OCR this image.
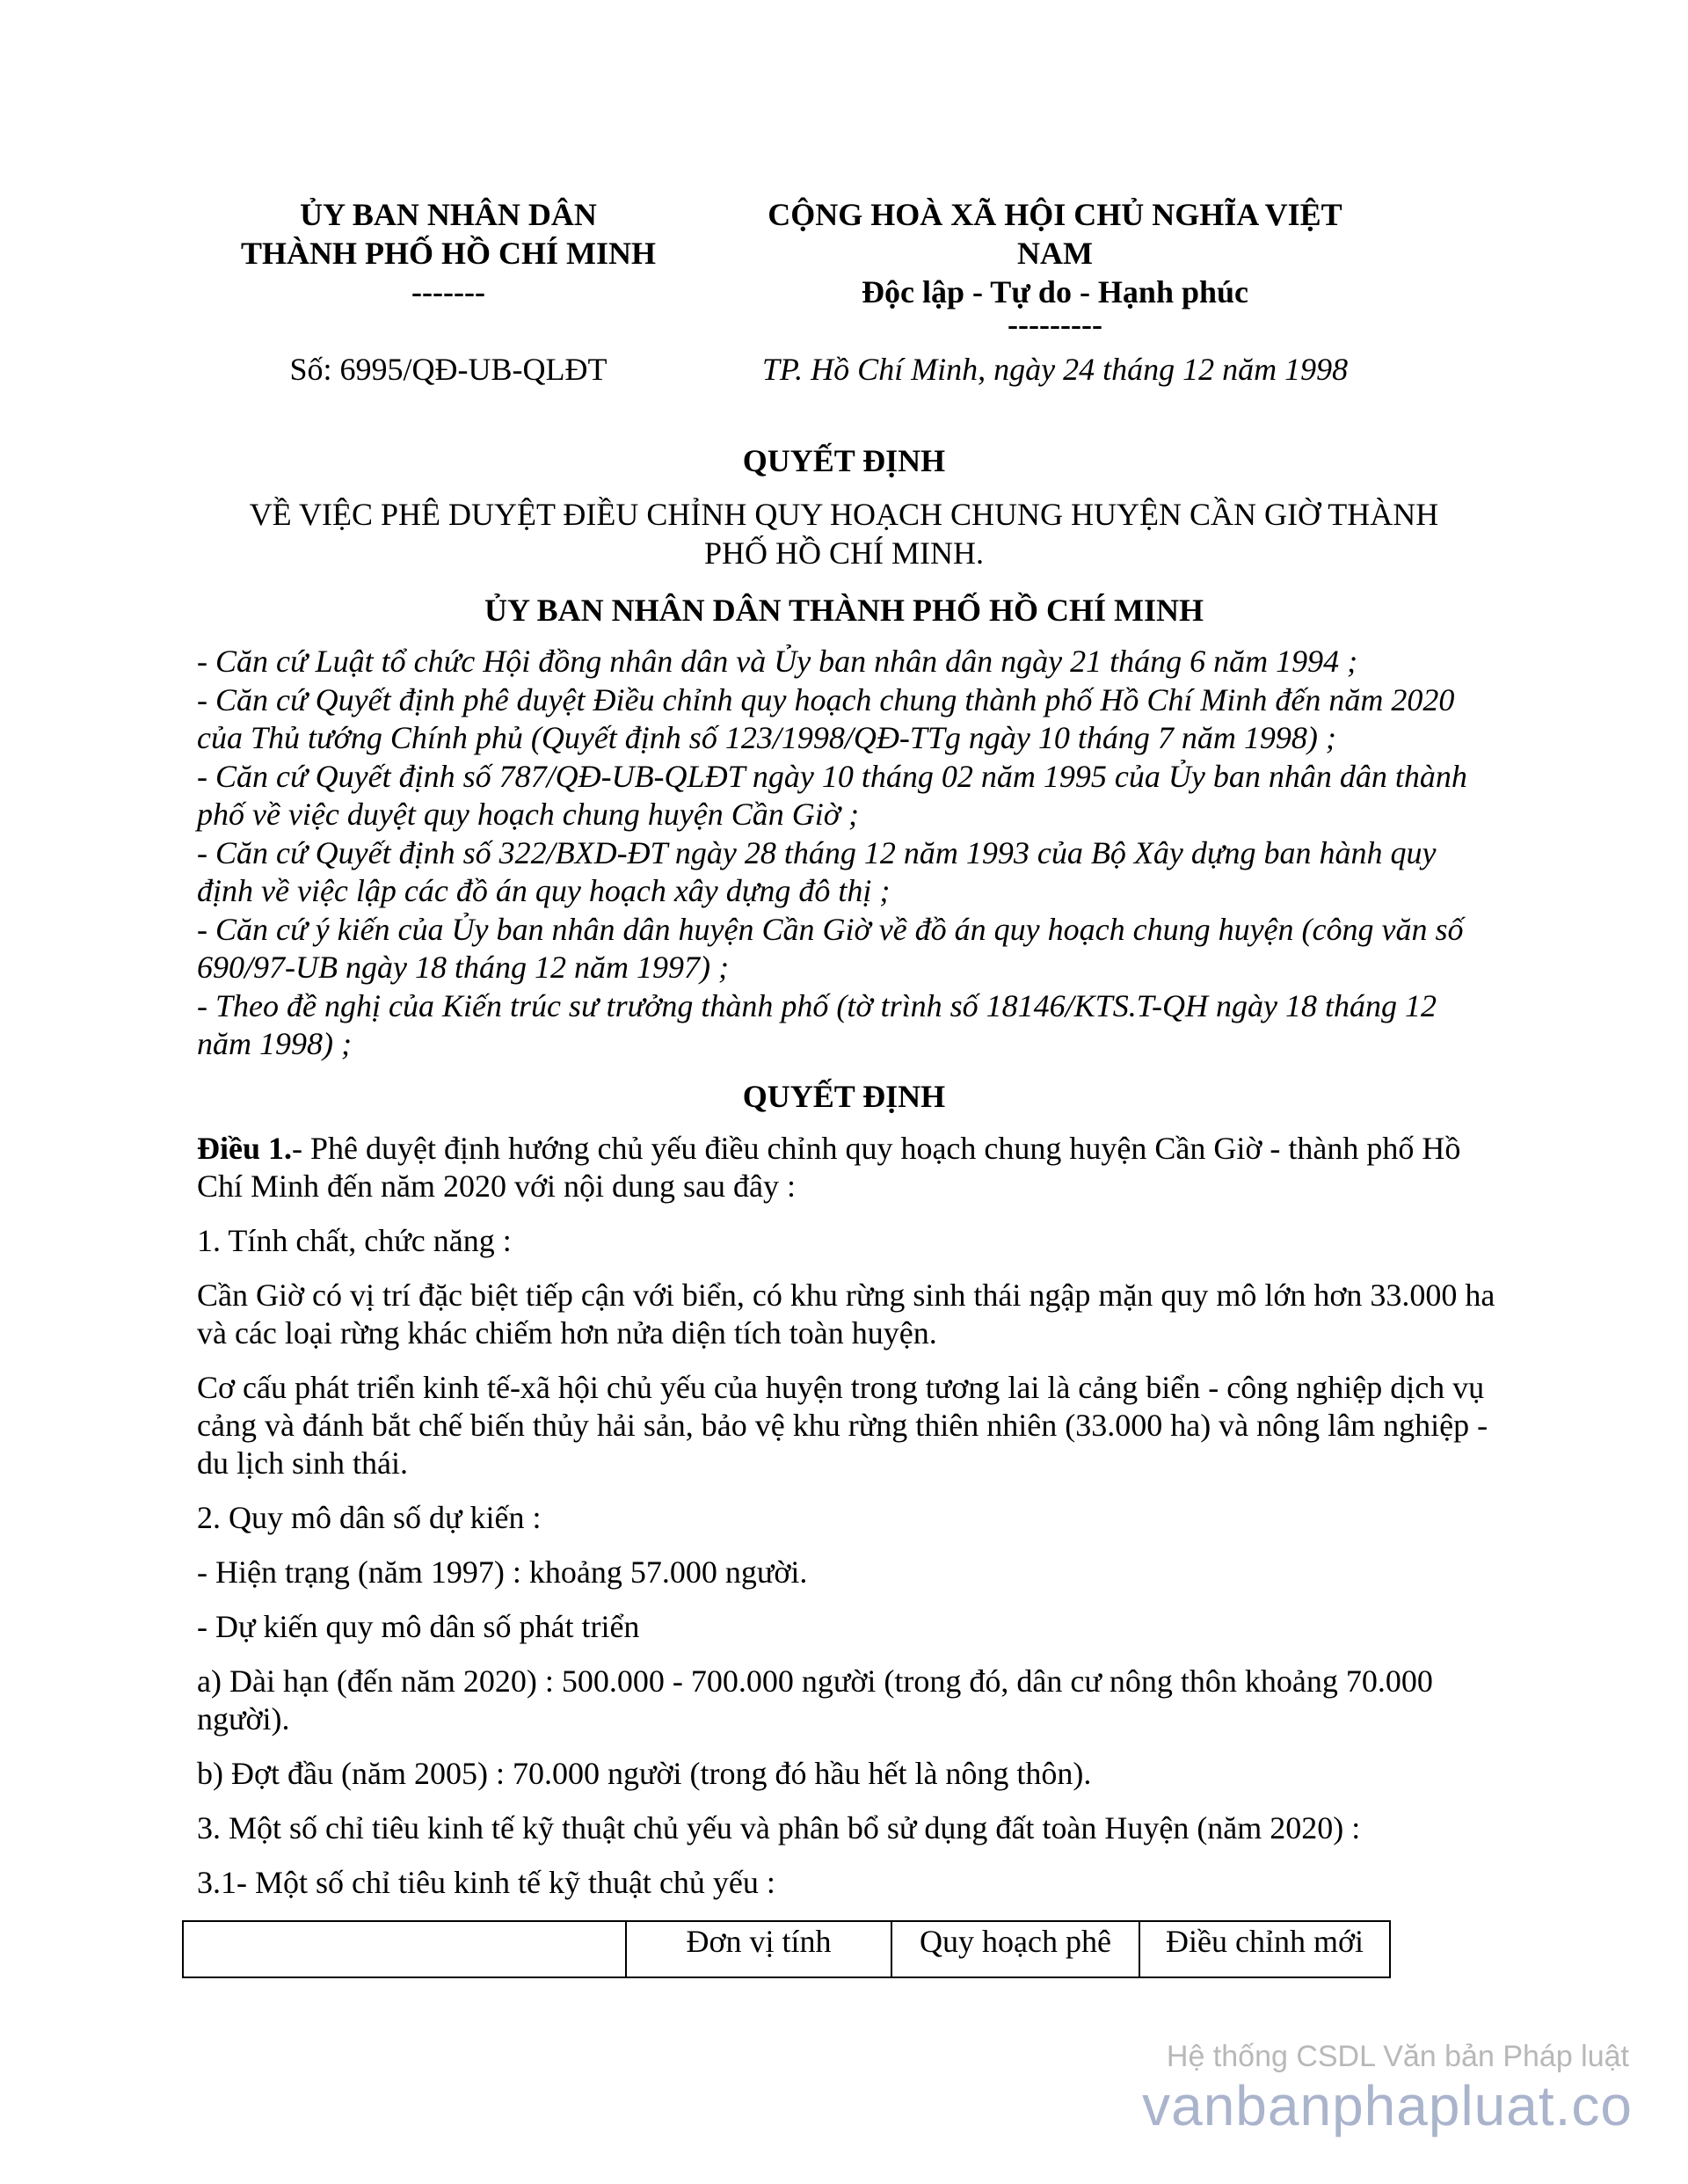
ỦY BAN NHÂN DÂN
THÀNH PHỐ HỒ CHÍ MINH
-------
CỘNG HOÀ XÃ HỘI CHỦ NGHĨA VIỆT
NAM
Độc lập - Tự do - Hạnh phúc
---------
Số: 6995/QĐ-UB-QLĐT	TP. Hồ Chí Minh, ngày 24 tháng 12 năm 1998
QUYẾT ĐỊNH
VỀ VIỆC PHÊ DUYỆT ĐIỀU CHỈNH QUY HOẠCH CHUNG HUYỆN CẦN GIỜ THÀNH
PHỐ HỒ CHÍ MINH.
ỦY BAN NHÂN DÂN THÀNH PHỐ HỒ CHÍ MINH

- Căn cứ Luật tổ chức Hội đồng nhân dân và Ủy ban nhân dân ngày 21 tháng 6 năm 1994 ;

- Căn cứ Quyết định phê duyệt Điều chỉnh quy hoạch chung thành phố Hồ Chí Minh đến năm 2020 của Thủ tướng Chính phủ (Quyết định số 123/1998/QĐ-TTg ngày 10 tháng 7 năm 1998) ;

- Căn cứ Quyết định số 787/QĐ-UB-QLĐT ngày 10 tháng 02 năm 1995 của Ủy ban nhân dân thành phố về việc duyệt quy hoạch chung huyện Cần Giờ ;

- Căn cứ Quyết định số 322/BXD-ĐT ngày 28 tháng 12 năm 1993 của Bộ Xây dựng ban hành quy định về việc lập các đồ án quy hoạch xây dựng đô thị ;

- Căn cứ ý kiến của Ủy ban nhân dân huyện Cần Giờ về đồ án quy hoạch chung huyện (công văn số 690/97-UB ngày 18 tháng 12 năm 1997) ;

- Theo đề nghị của Kiến trúc sư trưởng thành phố (tờ trình số 18146/KTS.T-QH ngày 18 tháng 12 năm 1998) ;

QUYẾT ĐỊNH

Điều 1.- Phê duyệt định hướng chủ yếu điều chỉnh quy hoạch chung huyện Cần Giờ - thành phố Hồ Chí Minh đến năm 2020 với nội dung sau đây :

1. Tính chất, chức năng :

Cần Giờ có vị trí đặc biệt tiếp cận với biển, có khu rừng sinh thái ngập mặn quy mô lớn hơn 33.000 ha và các loại rừng khác chiếm hơn nửa diện tích toàn huyện.

Cơ cấu phát triển kinh tế-xã hội chủ yếu của huyện trong tương lai là cảng biển - công nghiệp dịch vụ cảng và đánh bắt chế biến thủy hải sản, bảo vệ khu rừng thiên nhiên (33.000 ha) và nông lâm nghiệp - du lịch sinh thái.

2. Quy mô dân số dự kiến :

- Hiện trạng (năm 1997) : khoảng 57.000 người.

- Dự kiến quy mô dân số phát triển

a) Dài hạn (đến năm 2020) : 500.000 - 700.000 người (trong đó, dân cư nông thôn khoảng 70.000 người).

b) Đợt đầu (năm 2005) : 70.000 người (trong đó hầu hết là nông thôn).

3. Một số chỉ tiêu kinh tế kỹ thuật chủ yếu và phân bổ sử dụng đất toàn Huyện (năm 2020) :

3.1- Một số chỉ tiêu kinh tế kỹ thuật chủ yếu :

	Đơn vị tính	Quy hoạch phê	Điều chỉnh mới
Hệ thống CSDL Văn bản Pháp luật
vanbanphapluat.co
